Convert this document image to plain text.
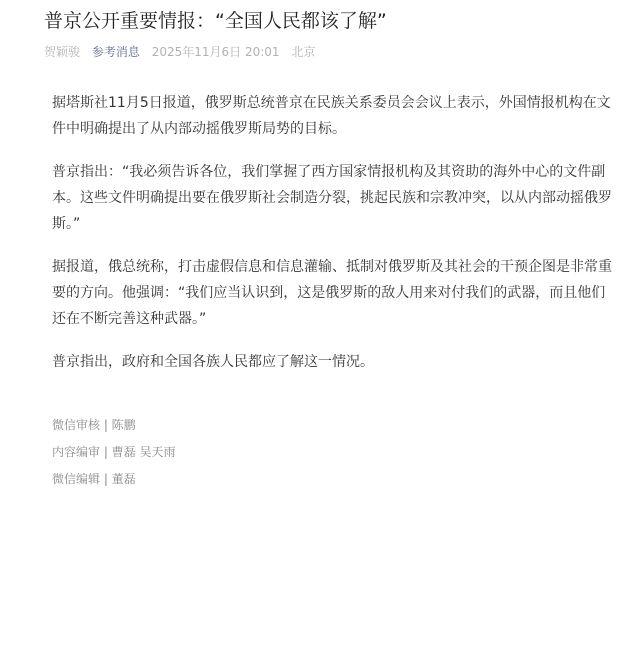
普京公开重要情报：“全国人民都该了解”
贺颖骏 参考消息 2025年11月6日 20:01 北京

据塔斯社11月5日报道，俄罗斯总统普京在民族关系委员会会议上表示，外国情报机构在文件中明确提出了从内部动摇俄罗斯局势的目标。

普京指出：“我必须告诉各位，我们掌握了西方国家情报机构及其资助的海外中心的文件副本。这些文件明确提出要在俄罗斯社会制造分裂，挑起民族和宗教冲突，以从内部动摇俄罗斯。”

据报道，俄总统称，打击虚假信息和信息灌输、抵制对俄罗斯及其社会的干预企图是非常重要的方向。他强调：“我们应当认识到，这是俄罗斯的敌人用来对付我们的武器，而且他们还在不断完善这种武器。”

普京指出，政府和全国各族人民都应了解这一情况。

微信审核 | 陈鹏
内容编审 | 曹磊 吴天雨
微信编辑 | 董磊
